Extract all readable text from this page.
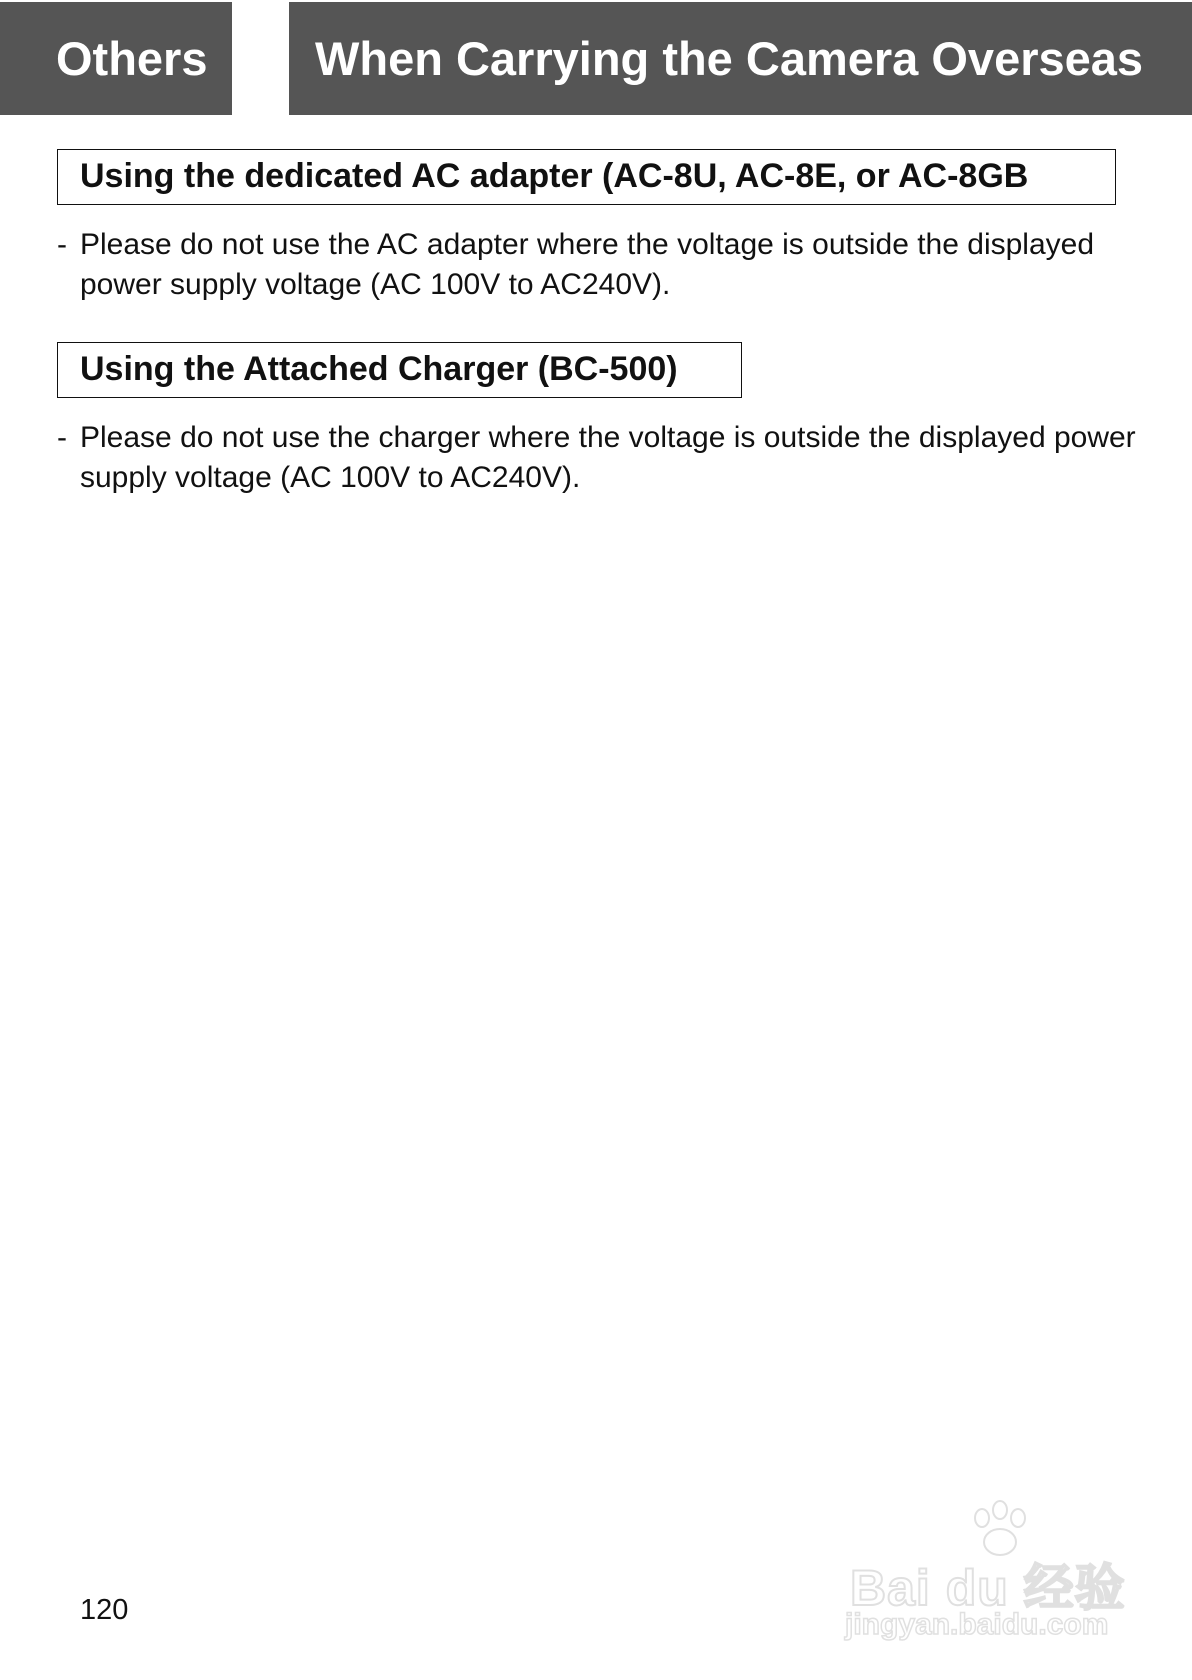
Others	When Carrying the Camera Overseas
Using the dedicated AC adapter (AC-8U, AC-8E, or AC-8GB
- Please do not use the AC adapter where the voltage is outside the displayed power supply voltage (AC 100V to AC240V).
Using the Attached Charger (BC-500)
- Please do not use the charger where the voltage is outside the displayed power supply voltage (AC 100V to AC240V).
120	Bai du 经验
jingyan.baidu.com
